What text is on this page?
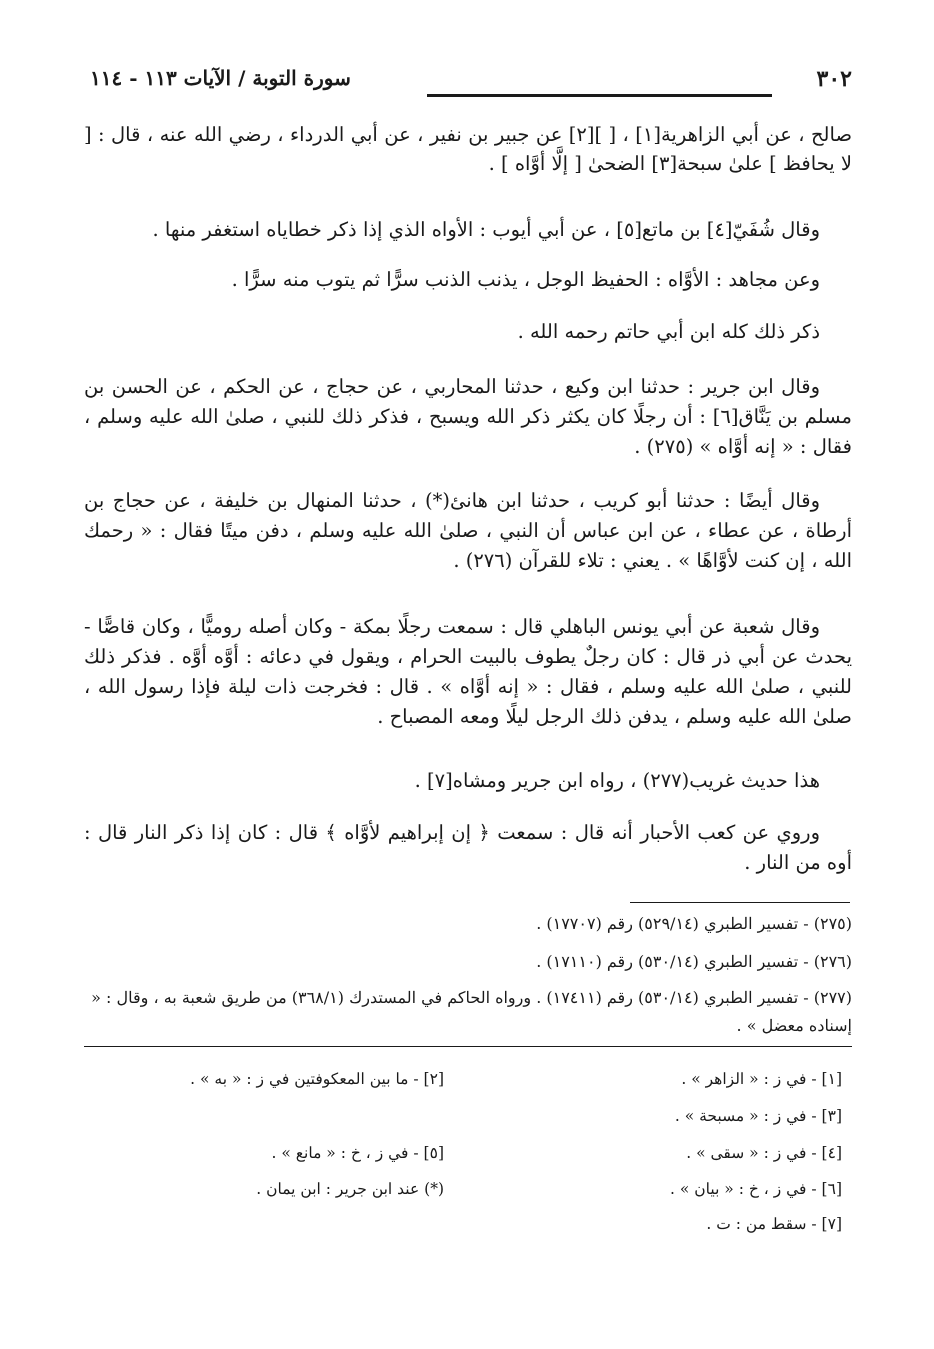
٣٠٢
سورة التوبة / الآيات ١١٣ - ١١٤

صالح ، عن أبي الزاهرية[١] ، [ ][٢] عن جبير بن نفير ، عن أبي الدرداء ، رضي الله عنه ، قال : [ لا يحافظ ] علىٰ سبحة[٣] الضحىٰ [ إلَّا أوَّاه ] .

وقال شُفَيّ[٤] بن ماتع[٥] ، عن أبي أيوب : الأواه الذي إذا ذكر خطاياه استغفر منها .

وعن مجاهد : الأوَّاه : الحفيظ الوجل ، يذنب الذنب سرًّا ثم يتوب منه سرًّا .

ذكر ذلك كله ابن أبي حاتم رحمه الله .

وقال ابن جرير : حدثنا ابن وكيع ، حدثنا المحاربي ، عن حجاج ، عن الحكم ، عن الحسن بن مسلم بن يَنَّاق[٦] : أن رجلًا كان يكثر ذكر الله ويسبح ، فذكر ذلك للنبي ، صلىٰ الله عليه وسلم ، فقال : « إنه أوَّاه » (٢٧٥) .

وقال أيضًا : حدثنا أبو كريب ، حدثنا ابن هانئ(*) ، حدثنا المنهال بن خليفة ، عن حجاج بن أرطاة ، عن عطاء ، عن ابن عباس أن النبي ، صلىٰ الله عليه وسلم ، دفن ميتًا فقال : « رحمك الله ، إن كنت لأوَّاهًا » . يعني : تلاء للقرآن (٢٧٦) .

وقال شعبة عن أبي يونس الباهلي قال : سمعت رجلًا بمكة - وكان أصله روميًّا ، وكان قاصًّا - يحدث عن أبي ذر قال : كان رجلٌ يطوف بالبيت الحرام ، ويقول في دعائه : أوَّه أوَّه . فذكر ذلك للنبي ، صلىٰ الله عليه وسلم ، فقال : « إنه أوَّاه » . قال : فخرجت ذات ليلة فإذا رسول الله ، صلىٰ الله عليه وسلم ، يدفن ذلك الرجل ليلًا ومعه المصباح .

هذا حديث غريب(٢٧٧) ، رواه ابن جرير ومشاه[٧] .

وروي عن كعب الأحبار أنه قال : سمعت ﴿ إن إبراهيم لأوَّاه ﴾ قال : كان إذا ذكر النار قال : أوه من النار .

(٢٧٥) - تفسير الطبري (٥٢٩/١٤) رقم (١٧٧٠٧) .

(٢٧٦) - تفسير الطبري (٥٣٠/١٤) رقم (١٧١١٠) .

(٢٧٧) - تفسير الطبري (٥٣٠/١٤) رقم (١٧٤١١) . ورواه الحاكم في المستدرك (٣٦٨/١) من طريق شعبة به ، وقال : « إسناده معضل » .

[١] - في ز : « الزاهر » .
[٣] - في ز : « مسبحة » .
[٤] - في ز : « سقى » .
[٦] - في ز ، خ : « بيان » .
[٧] - سقط من : ت .
[٢] - ما بين المعكوفتين في ز : « به » .
[٥] - في ز ، خ : « مانع » .
(*) عند ابن جرير : ابن يمان .
